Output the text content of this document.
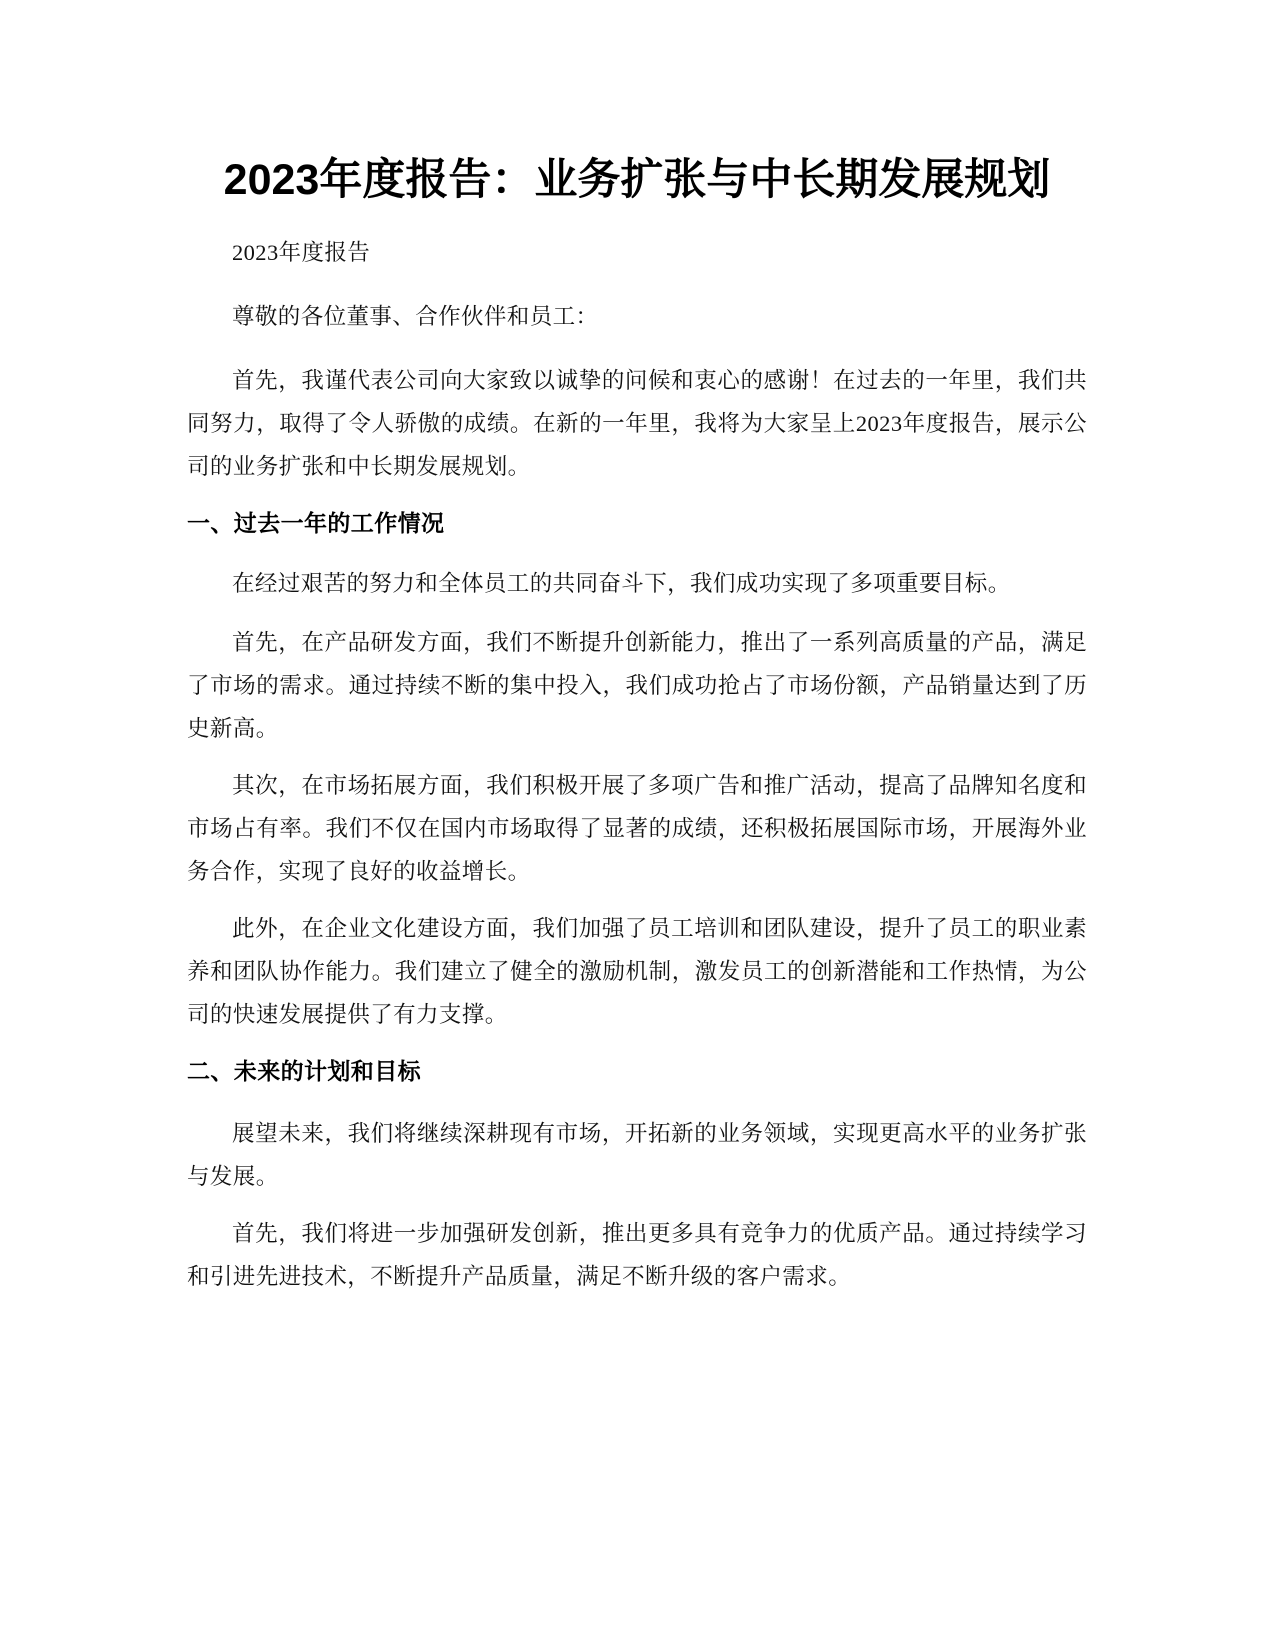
2023年度报告：业务扩张与中长期发展规划

2023年度报告

尊敬的各位董事、合作伙伴和员工：

首先，我谨代表公司向大家致以诚挚的问候和衷心的感谢！在过去的一年里，我们共同努力，取得了令人骄傲的成绩。在新的一年里，我将为大家呈上2023年度报告，展示公司的业务扩张和中长期发展规划。

一、过去一年的工作情况

在经过艰苦的努力和全体员工的共同奋斗下，我们成功实现了多项重要目标。

首先，在产品研发方面，我们不断提升创新能力，推出了一系列高质量的产品，满足了市场的需求。通过持续不断的集中投入，我们成功抢占了市场份额，产品销量达到了历史新高。

其次，在市场拓展方面，我们积极开展了多项广告和推广活动，提高了品牌知名度和市场占有率。我们不仅在国内市场取得了显著的成绩，还积极拓展国际市场，开展海外业务合作，实现了良好的收益增长。

此外，在企业文化建设方面，我们加强了员工培训和团队建设，提升了员工的职业素养和团队协作能力。我们建立了健全的激励机制，激发员工的创新潜能和工作热情，为公司的快速发展提供了有力支撑。

二、未来的计划和目标

展望未来，我们将继续深耕现有市场，开拓新的业务领域，实现更高水平的业务扩张与发展。

首先，我们将进一步加强研发创新，推出更多具有竞争力的优质产品。通过持续学习和引进先进技术，不断提升产品质量，满足不断升级的客户需求。
